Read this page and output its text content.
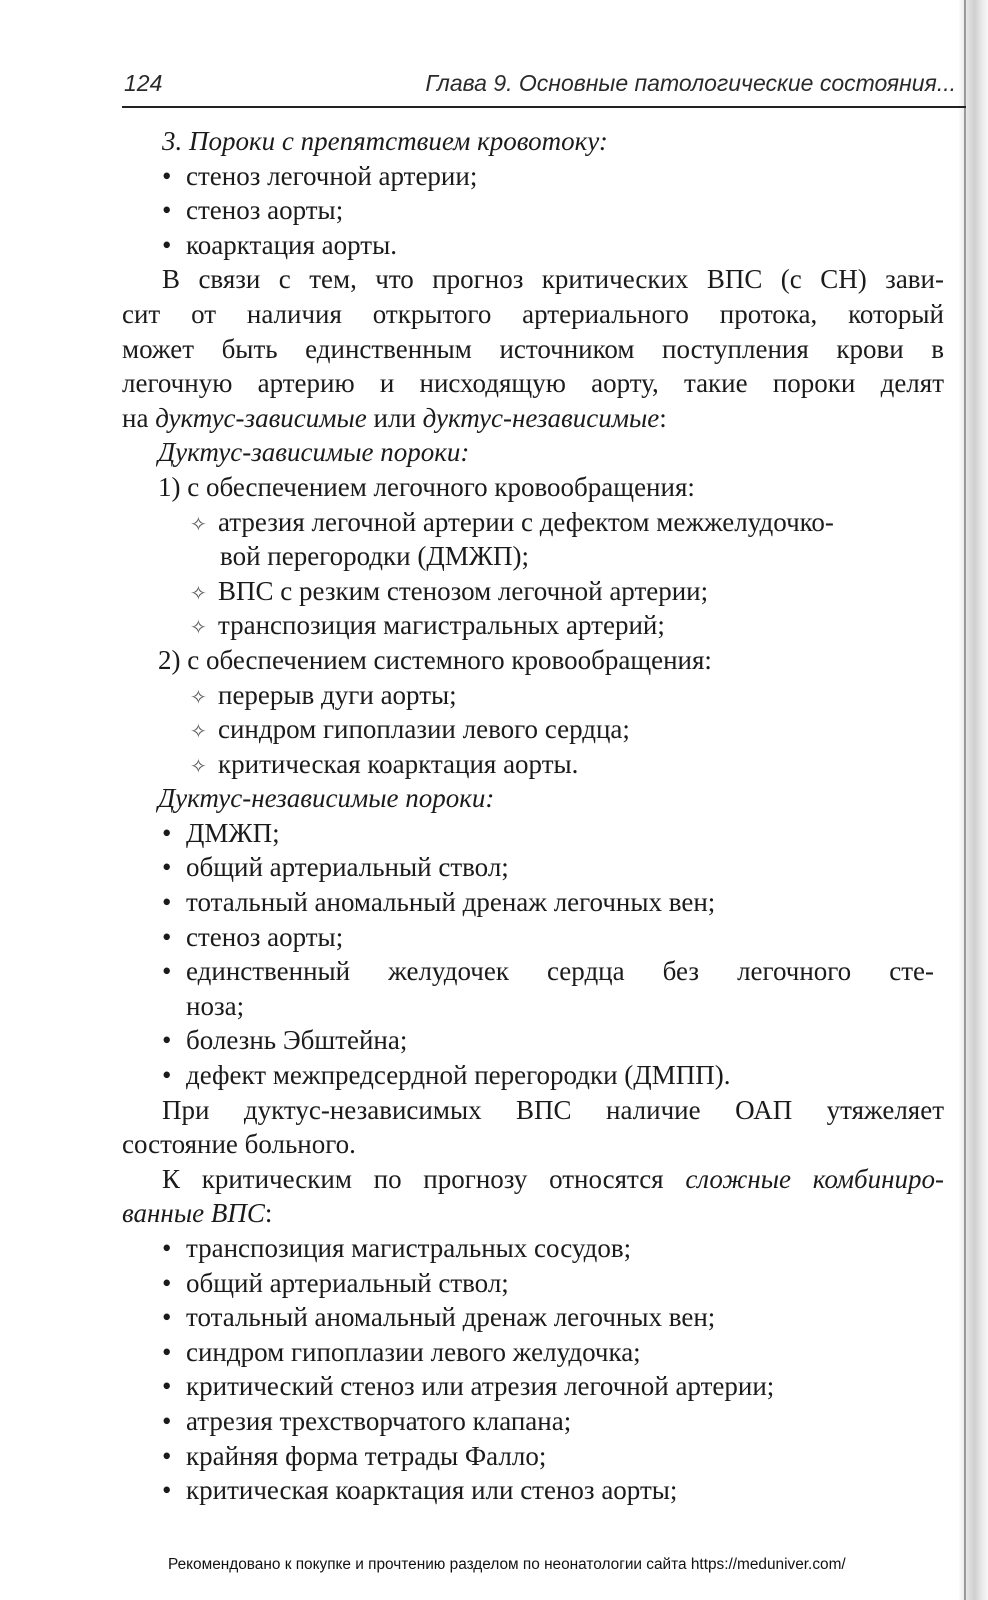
124	Глава 9. Основные патологические состояния...
3. Пороки с препятствием кровотоку:
• стеноз легочной артерии;
• стеноз аорты;
• коарктация аорты.
В связи с тем, что прогноз критических ВПС (с СН) зави-
сит от наличия открытого артериального протока, который
может быть единственным источником поступления крови в
легочную артерию и нисходящую аорту, такие пороки делят
на дуктус-зависимые или дуктус-независимые:
Дуктус-зависимые пороки:
1) с обеспечением легочного кровообращения:
✧ атрезия легочной артерии с дефектом межжелудочко-
вой перегородки (ДМЖП);
✧ ВПС с резким стенозом легочной артерии;
✧ транспозиция магистральных артерий;
2) с обеспечением системного кровообращения:
✧ перерыв дуги аорты;
✧ синдром гипоплазии левого сердца;
✧ критическая коарктация аорты.
Дуктус-независимые пороки:
• ДМЖП;
• общий артериальный ствол;
• тотальный аномальный дренаж легочных вен;
• стеноз аорты;
• единственный желудочек сердца без легочного сте-
ноза;
• болезнь Эбштейна;
• дефект межпредсердной перегородки (ДМПП).
При дуктус-независимых ВПС наличие ОАП утяжеляет
состояние больного.
К критическим по прогнозу относятся сложные комбиниро-
ванные ВПС:
• транспозиция магистральных сосудов;
• общий артериальный ствол;
• тотальный аномальный дренаж легочных вен;
• синдром гипоплазии левого желудочка;
• критический стеноз или атрезия легочной артерии;
• атрезия трехстворчатого клапана;
• крайняя форма тетрады Фалло;
• критическая коарктация или стеноз аорты;
Рекомендовано к покупке и прочтению разделом по неонатологии сайта https://meduniver.com/
